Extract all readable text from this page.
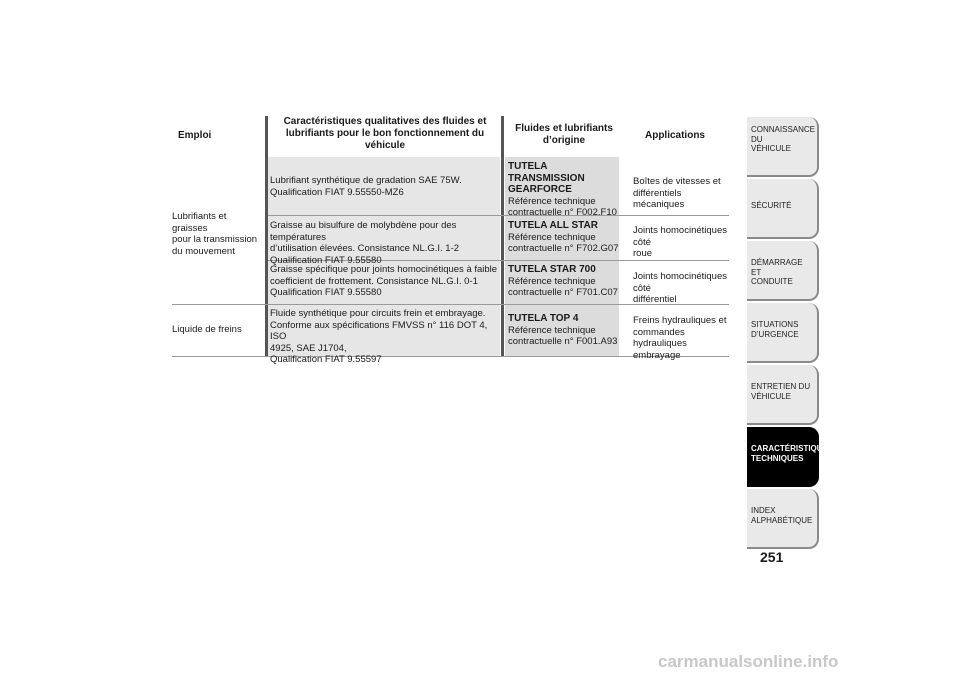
Emploi
Caractéristiques qualitatives des fluides et
lubrifiants pour le bon fonctionnement du
véhicule
Fluides et lubrifiants
d’origine	Applications
Lubrifiants et graisses
pour la transmission
du mouvement
Liquide de freins
Lubrifiant synthétique de gradation SAE 75W.
Qualification FIAT 9.55550-MZ6
TUTELA TRANSMISSION
GEARFORCE
Référence technique
contractuelle n° F002.F10
Boîtes de vitesses et
différentiels mécaniques
Graisse au bisulfure de molybdène pour des températures
d’utilisation élevées. Consistance NL.G.I. 1-2
Qualification FIAT 9.55580
TUTELA ALL STAR
Référence technique
contractuelle n° F702.G07
Joints homocinétiques côté
roue
Graisse spécifique pour joints homocinétiques à faible
coefficient de frottement. Consistance NL.G.I. 0-1
Qualification FIAT 9.55580
TUTELA STAR 700
Référence technique
contractuelle n° F701.C07
Joints homocinétiques côté
différentiel
Fluide synthétique pour circuits frein et embrayage.
Conforme aux spécifications FMVSS n° 116 DOT 4, ISO
4925, SAE J1704,
Qualification FIAT 9.55597
TUTELA TOP 4
Référence technique
contractuelle n° F001.A93
Freins hydrauliques et
commandes hydrauliques
embrayage
CONNAISSANCE DU
VÉHICULE
SÉCURITÉ
DÉMARRAGE ET
CONDUITE
SITUATIONS
D’URGENCE
ENTRETIEN DU
VÉHICULE
CARACTÉRISTIQUES
TECHNIQUES
INDEX
ALPHABÉTIQUE
251
carmanualsonline.info
